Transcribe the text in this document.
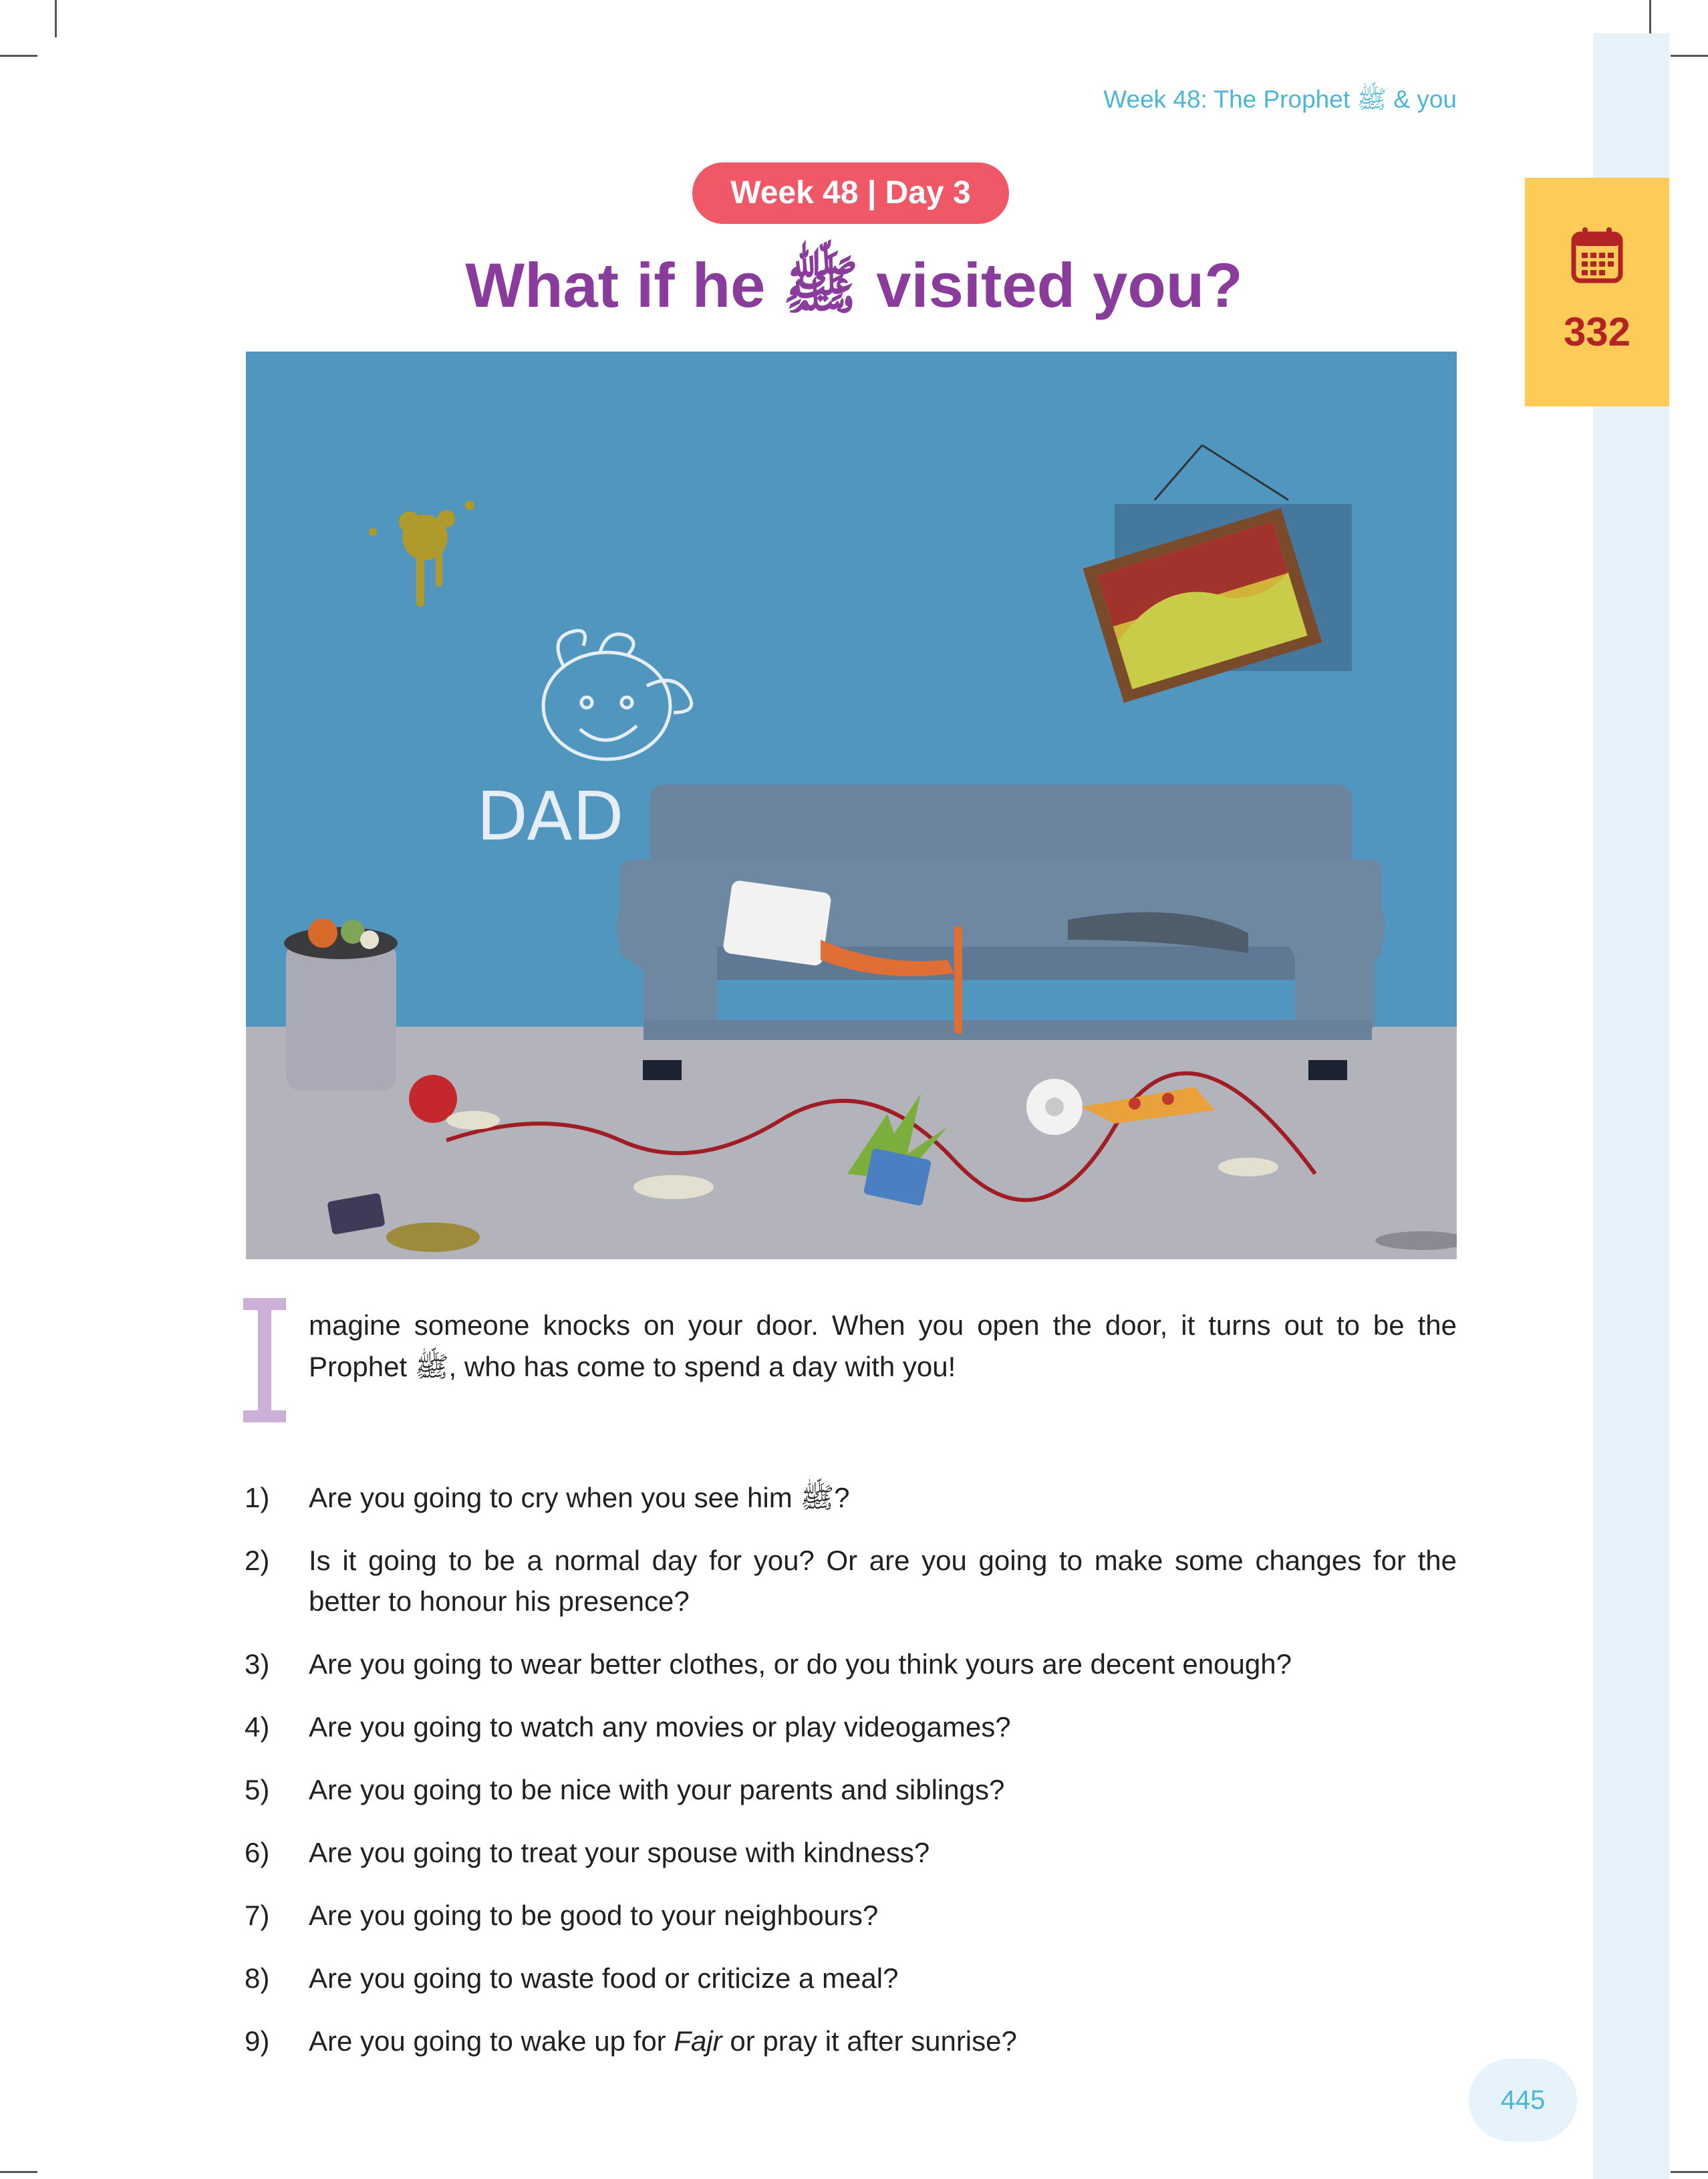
332
Week 48: The Prophet ﷺ & you
Week 48 | Day 3
What if he ﷺ visited you?
DAD
magine someone knocks on your door. When you open the door, it turns out to be the Prophet ﷺ, who has come to spend a day with you!
1)	Are you going to cry when you see him ﷺ?
2)	Is it going to be a normal day for you? Or are you going to make some changes for the better to honour his presence?
3)	Are you going to wear better clothes, or do you think yours are decent enough?
4)	Are you going to watch any movies or play videogames?
5)	Are you going to be nice with your parents and siblings?
6)	Are you going to treat your spouse with kindness?
7)	Are you going to be good to your neighbours?
8)	Are you going to waste food or criticize a meal?
9)	Are you going to wake up for Fajr or pray it after sunrise?
445
